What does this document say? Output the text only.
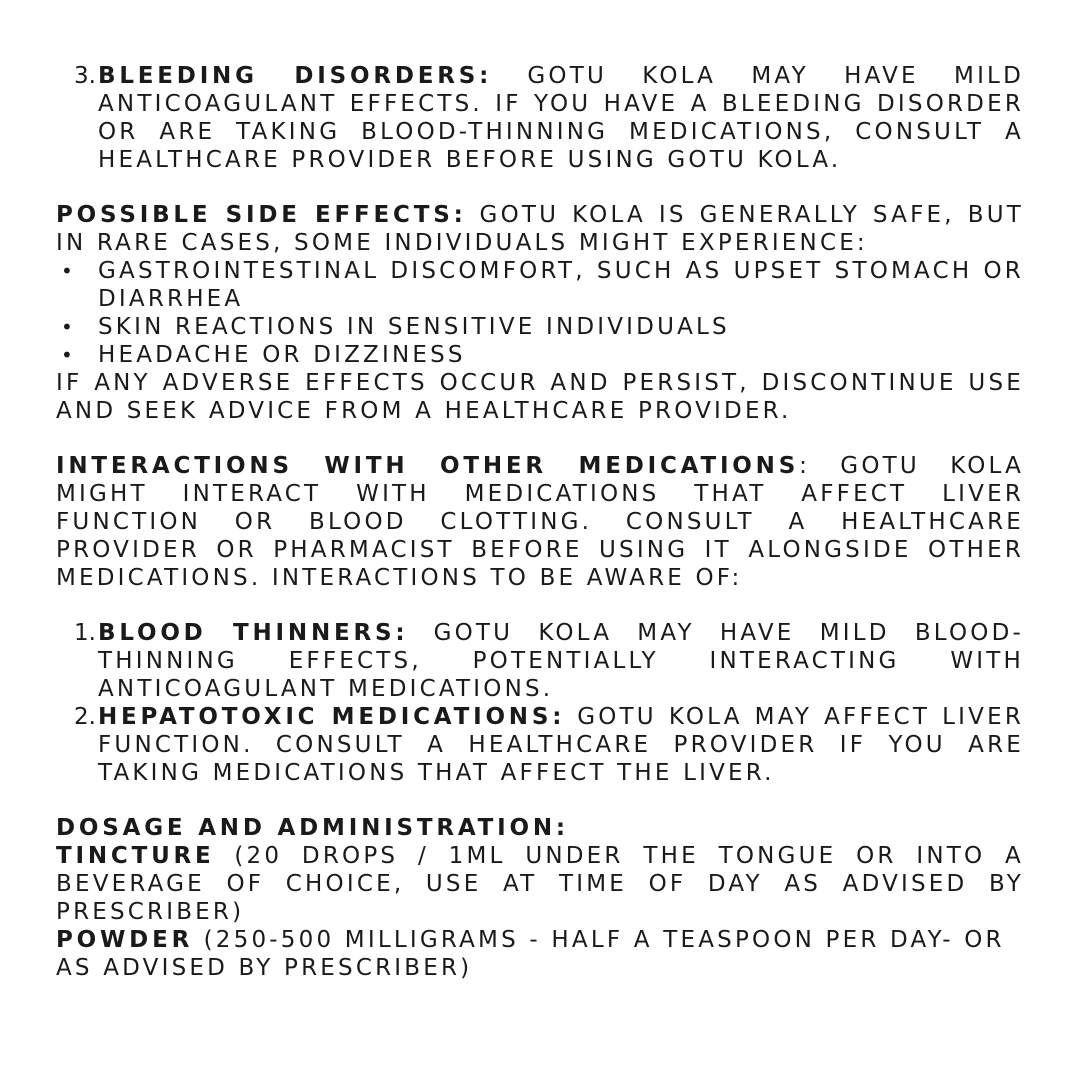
3. BLEEDING DISORDERS: GOTU KOLA MAY HAVE MILD ANTICOAGULANT EFFECTS. IF YOU HAVE A BLEEDING DISORDER OR ARE TAKING BLOOD-THINNING MEDICATIONS, CONSULT A HEALTHCARE PROVIDER BEFORE USING GOTU KOLA.
POSSIBLE SIDE EFFECTS: GOTU KOLA IS GENERALLY SAFE, BUT IN RARE CASES, SOME INDIVIDUALS MIGHT EXPERIENCE:
• GASTROINTESTINAL DISCOMFORT, SUCH AS UPSET STOMACH OR DIARRHEA
• SKIN REACTIONS IN SENSITIVE INDIVIDUALS
• HEADACHE OR DIZZINESS
IF ANY ADVERSE EFFECTS OCCUR AND PERSIST, DISCONTINUE USE AND SEEK ADVICE FROM A HEALTHCARE PROVIDER.
INTERACTIONS WITH OTHER MEDICATIONS: GOTU KOLA MIGHT INTERACT WITH MEDICATIONS THAT AFFECT LIVER FUNCTION OR BLOOD CLOTTING. CONSULT A HEALTHCARE PROVIDER OR PHARMACIST BEFORE USING IT ALONGSIDE OTHER MEDICATIONS. INTERACTIONS TO BE AWARE OF:
1. BLOOD THINNERS: GOTU KOLA MAY HAVE MILD BLOOD-THINNING EFFECTS, POTENTIALLY INTERACTING WITH ANTICOAGULANT MEDICATIONS.
2. HEPATOTOXIC MEDICATIONS: GOTU KOLA MAY AFFECT LIVER FUNCTION. CONSULT A HEALTHCARE PROVIDER IF YOU ARE TAKING MEDICATIONS THAT AFFECT THE LIVER.
DOSAGE AND ADMINISTRATION:
TINCTURE (20 DROPS / 1ML UNDER THE TONGUE OR INTO A BEVERAGE OF CHOICE, USE AT TIME OF DAY AS ADVISED BY PRESCRIBER)
POWDER (250-500 MILLIGRAMS - HALF A TEASPOON PER DAY- OR AS ADVISED BY PRESCRIBER)
